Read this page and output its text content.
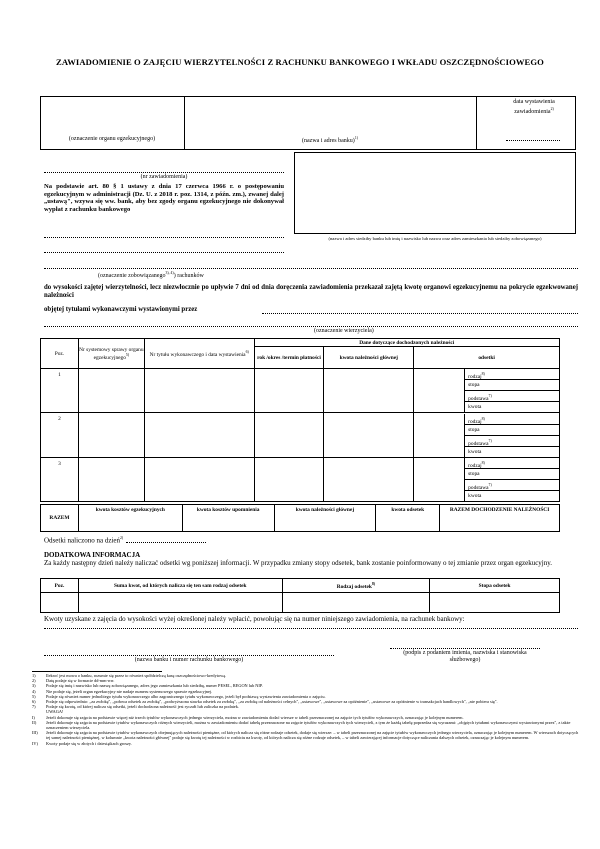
ZAWIADOMIENIE O ZAJĘCIU WIERZYTELNOŚCI Z RACHUNKU BANKOWEGO I WKŁADU OSZCZĘDNOŚCIOWEGO
(oznaczenie organu egzekucyjnego)	(nazwa i adres banku)$^{1)}$
data wystawienia zawiadomienia$^{2)}$
(nr zawiadomienia)
Na podstawie art. 80 § 1 ustawy z dnia 17 czerwca 1966 r. o postępowaniu egzekucyjnym w administracji (Dz. U. z 2018 r. poz. 1314, z późn. zm.), zwanej dalej „ustawą", wzywa się ww. bank, aby bez zgody organu egzekucyjnego nie dokonywał wypłat z rachunku bankowego
(nazwa i adres siedziby banku lub imię i nazwisko lub nazwa oraz adres zamieszkania lub siedziby zobowiązanego)
(oznaczenie zobowiązanego$^{3), 4)}$) rachunków
do wysokości zajętej wierzytelności, lecz niezwłocznie po upływie 7 dni od dnia doręczenia zawiadomienia przekazał zajętą kwotę organowi egzekucyjnemu na pokrycie egzekwowanej należności
objętej tytułami wykonawczymi wystawionymi przez
(oznaczenie wierzyciela)
Poz.	Nr systemowy sprawy organu egzekucyjnego$^{5)}$	Nr tytułu wykonawczego i data wystawienia$^{6)}$	Dane dotyczące dochodzonych należności		
			rok /okres /termin płatności	kwota należności głównej	odsetki
1					rodzaj$^{8)}$
stopa
podstawa$^{7)}$
kwota

2					rodzaj$^{8)}$
stopa
podstawa$^{7)}$
kwota

3					rodzaj$^{8)}$
stopa
podstawa$^{7)}$
kwota
RAZEM	kwota kosztów egzekucyjnych	kwota kosztów upomnienia	kwota należności głównej	kwota odsetek	RAZEM DOCHODZENIE NALEŻNOŚCI
Odsetki naliczono na dzień$^{2)}$
DODATKOWA INFORMACJA
Za każdy następny dzień należy naliczać odsetki wg poniższej informacji. W przypadku zmiany stopy odsetek, bank zostanie poinformowany o tej zmianie przez organ egzekucyjny.
Poz.	Suma kwot, od których nalicza się ten sam rodzaj odsetek	Rodzaj odsetek$^{8)}$	Stopa odsetek

Kwoty uzyskane z zajęcia do wysokości wyżej określonej należy wpłacić, powołując się na numer niniejszego zawiadomienia, na rachunek bankowy:
(nazwa banku i numer rachunku bankowego)
(podpis z podaniem imienia, nazwiska i stanowiska służbowego)
1)	Ilekroć jest mowa o banku, rozumie się przez to również spółdzielczą kasę oszczędnościowo-kredytową.
2)	Datę podaje się w formacie dd-mm-rrrr.
3)	Podaje się imię i nazwisko lub nazwę zobowiązanego, adres jego zamieszkania lub siedzibę, numer PESEL, REGON lub NIP.
4)	Nie podaje się, jeżeli organ egzekucyjny nie nadaje numeru systemowego sprawie egzekucyjnej.
5)	Podaje się również numer jednolitego tytułu wykonawczego albo zagranicznego tytułu wykonawczego, jeżeli był podstawą wystawienia zawiadomienia o zajęciu.
6)	Podaje się odpowiednio: „za zwłokę", „połowa odsetek za zwłokę", „podwyższona stawka odsetek za zwłokę", „za zwłokę od należności celnych", „ustawowe", „ustawowe za opóźnienie", „ustawowe za opóźnienie w transakcjach handlowych", „nie pobiera się".
7)	Podaje się kwotę, od której nalicza się odsetki, jeżeli dochodzona należność jest ryczałt lub zaliczka na podatek.
UWAGA!
I)	Jeżeli dokonuje się zajęcia na podstawie więcej niż trzech tytułów wykonawczych jednego wierzyciela, można w zawiadomieniu dodać wiersze w tabeli przeznaczonej na zajęcie tych tytułów wykonawczych, oznaczając je kolejnym numerem.
II)	Jeżeli dokonuje się zajęcia na podstawie tytułów wykonawczych różnych wierzycieli, można w zawiadomieniu dodać tabelę przeznaczone na zajęcie tytułów wykonawczych tych wierzycieli, z tym że każdą tabelę poprzedza się wyrazami: „objętych tytułami wykonawczymi wystawionymi przez", z także oznaczeniem wierzyciela.
III)	Jeżeli dokonuje się zajęcia na podstawie tytułów wykonawczych obejmujących należności pieniężne, od których nalicza się różne rodzaje odsetek, dodaje się wiersze: – w tabeli przeznaczonej na zajęcie tytułów wykonawczych jednego wierzyciela, oznaczając je kolejnym numerem. W wierszach dotyczących tej samej należności pieniężnej, w kolumnie „kwota należności głównej" podaje się kwotę tej należności w rozbiciu na kwoty, od których nalicza się różne rodzaje odsetek, – w tabeli zawierającej informacje dotyczące naliczania dalszych odsetek, oznaczając je kolejnym numerem.
IV)	Kwoty podaje się w złotych i dziesiątkach groszy.
